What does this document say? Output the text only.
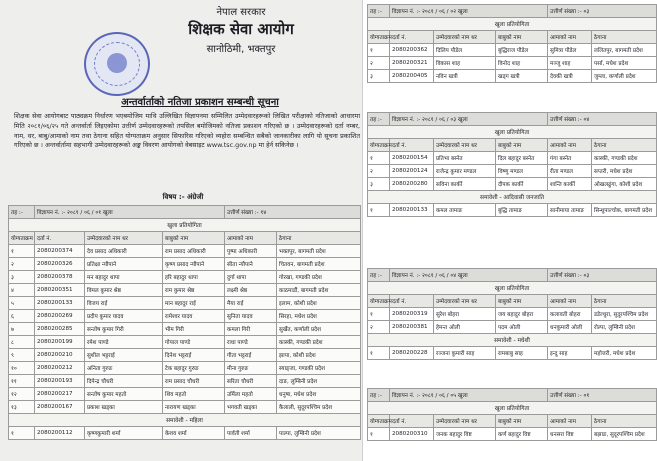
नेपाल सरकार
शिक्षक सेवा आयोग
सानोठिमी, भक्तपुर
अन्तर्वार्ताको नतिजा प्रकाशन सम्बन्धी सूचना
शिक्षक सेवा आयोगबाट पाठ्यक्रम निर्धारण भएबमोजिम माथि उल्लिखित विज्ञापनमा सम्मिलित उम्मेदवारहरूको लिखित परीक्षाको नतिजाको आधारमा मिति २०८१/०६/२५ गते अन्तर्वार्ता लिइएकोमा उत्तीर्ण उम्मेदवारहरूको तपसिल बमोजिमको नतिजा प्रकाशन गरिएको छ । उम्मेदवारहरूको दर्ता नम्बर, नाम, थर, बाबु/आमाको नाम तथा ठेगाना सहित योग्यताक्रम अनुसार सिफारिस गरिएको व्यहोरा सम्बन्धित सबैको जानकारीका लागि यो सूचना प्रकाशित गरिएको छ । अन्तर्वार्तामा सहभागी उम्मेदवारहरूको अङ्क विवरण आयोगको वेबसाइट www.tsc.gov.np मा हेर्न सकिनेछ ।
विषय :- अंग्रेजी
तह :-	विज्ञापन नं. :- २०८१ / ०६ / ०१ खुला			उत्तीर्ण संख्या :- १४	
खुला प्रतियोगिता					
योग्यताक्रम	दर्ता नं.	उम्मेदवारको नाम थर	बाबुको नाम	आमाको नाम	ठेगाना
१	2080200374	देव प्रसाद अधिकारी	राम प्रसाद अधिकारी	पुष्पा अधिकारी	भक्तपुर, बागमती प्रदेश
२	2080200326	प्रतिक्षा न्यौपाने	कृष्ण प्रसाद न्यौपाने	सीता न्यौपाने	चितवन, बागमती प्रदेश
३	2080200378	मन बहादुर थापा	हरि बहादुर थापा	दुर्गा थापा	गोरखा, गण्डकी प्रदेश
४	2080200351	विमल कुमार श्रेष्ठ	राम कुमार श्रेष्ठ	लक्ष्मी श्रेष्ठ	काठमाडौं, बागमती प्रदेश
५	2080200133	विजय राई	मान बहादुर राई	मैया राई	इलाम, कोशी प्रदेश
६	2080200269	प्रदीप कुमार यादव	रामेश्वर यादव	सुनिता यादव	सिरहा, मधेश प्रदेश
७	2080200285	सन्तोष कुमार गिरी	भीम गिरी	कमला गिरी	सुर्खेत, कर्णाली प्रदेश
८	2080200199	रमेश पाण्डे	गोपाल पाण्डे	राधा पाण्डे	कास्की, गण्डकी प्रदेश
९	2080200210	सुशील भट्टराई	दिनेश भट्टराई	गीता भट्टराई	झापा, कोशी प्रदेश
१०	2080200212	अनिता गुरुङ	टेक बहादुर गुरुङ	मीना गुरुङ	स्याङ्जा, गण्डकी प्रदेश
११	2080200193	दिपेन्द्र चौधरी	राम प्रसाद चौधरी	सरिता चौधरी	दाङ, लुम्बिनी प्रदेश
१२	2080200217	सन्तोष कुमार महतो	शिव महतो	उर्मिला महतो	धनुषा, मधेश प्रदेश
१३	2080200167	प्रकाश खड्का	नारायण खड्का	भगवती खड्का	कैलाली, सुदूरपश्चिम प्रदेश
समावेशी - महिला					
१	2080200112	कृष्णकुमारी शर्मा	केशव शर्मा	पार्वती शर्मा	पाल्पा, लुम्बिनी प्रदेश
तह :-	विज्ञापन नं. :- २०८१ / ०६ / ०२ खुला			उत्तीर्ण संख्या :- ०३	
खुला प्रतियोगिता					
योग्यताक्रम	दर्ता नं.	उम्मेदवारको नाम थर	बाबुको नाम	आमाको नाम	ठेगाना
१	2080200362	दिलिप पौडेल	बुद्धिराज पौडेल	सुमित्रा पौडेल	ललितपुर, बागमती प्रदेश
२	2080200321	विकास शाह	विनोद शाह	मञ्जु शाह	पर्सा, मधेश प्रदेश
३	2080200405	नविन खत्री	खड्ग खत्री	देवकी खत्री	जुम्ला, कर्णाली प्रदेश
तह :-	विज्ञापन नं. :- २०८१ / ०६ / ०३ खुला			उत्तीर्ण संख्या :- ०४	
खुला प्रतियोगिता					
योग्यताक्रम	दर्ता नं.	उम्मेदवारको नाम थर	बाबुको नाम	आमाको नाम	ठेगाना
१	2080200154	प्रतिभा बस्नेत	दिल बहादुर बस्नेत	गंगा बस्नेत	कास्की, गण्डकी प्रदेश
२	2080200124	राजेन्द्र कुमार मण्डल	विष्णु मण्डल	रीता मण्डल	सप्तरी, मधेश प्रदेश
३	2080200280	सविना कार्की	दीपक कार्की	शान्ति कार्की	ओखलढुंगा, कोशी प्रदेश
समावेशी - आदिवासी जनजाति					
१	2080200133	कमल तामाङ	बुद्धि तामाङ	सानीमाया तामाङ	सिन्धुपाल्चोक, बागमती प्रदेश
तह :-	विज्ञापन नं. :- २०८१ / ०६ / ०४ खुला			उत्तीर्ण संख्या :- ०३	
खुला प्रतियोगिता					
योग्यताक्रम	दर्ता नं.	उम्मेदवारको नाम थर	बाबुको नाम	आमाको नाम	ठेगाना
१	2080200319	सुरेश बोहरा	जय बहादुर बोहरा	कलावती बोहरा	डडेल्धुरा, सुदूरपश्चिम प्रदेश
२	2080200381	हेमन्त ओली	पदम ओली	धनकुमारी ओली	रोल्पा, लुम्बिनी प्रदेश
समावेशी - मधेशी					
१	2080200228	रञ्जना कुमारी साह	रामबाबु साह	इन्दु साह	महोत्तरी, मधेश प्रदेश
तह :-	विज्ञापन नं. :- २०८१ / ०६ / ०५ खुला			उत्तीर्ण संख्या :- ०१	
खुला प्रतियोगिता					
योग्यताक्रम	दर्ता नं.	उम्मेदवारको नाम थर	बाबुको नाम	आमाको नाम	ठेगाना
१	2080200310	जनक बहादुर विष्ट	कर्ण बहादुर विष्ट	धनसरा विष्ट	बझाङ, सुदूरपश्चिम प्रदेश
